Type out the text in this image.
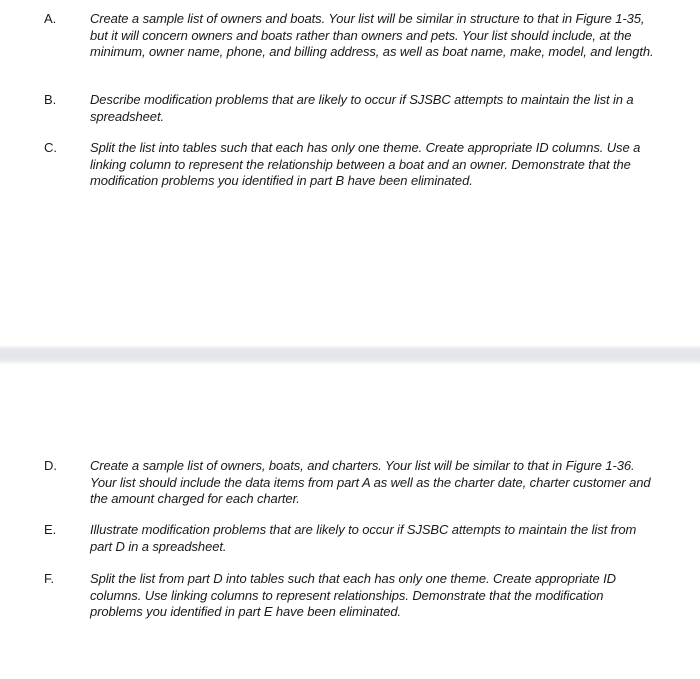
A.	Create a sample list of owners and boats. Your list will be similar in structure to that in Figure 1-35, but it will concern owners and boats rather than owners and pets. Your list should include, at the minimum, owner name, phone, and billing address, as well as boat name, make, model, and length.
B.	Describe modification problems that are likely to occur if SJSBC attempts to maintain the list in a spreadsheet.
C.	Split the list into tables such that each has only one theme. Create appropriate ID columns. Use a linking column to represent the relationship between a boat and an owner. Demonstrate that the modification problems you identified in part B have been eliminated.
D.	Create a sample list of owners, boats, and charters. Your list will be similar to that in Figure 1-36. Your list should include the data items from part A as well as the charter date, charter customer and the amount charged for each charter.
E.	Illustrate modification problems that are likely to occur if SJSBC attempts to maintain the list from part D in a spreadsheet.
F.	Split the list from part D into tables such that each has only one theme. Create appropriate ID columns. Use linking columns to represent relationships. Demonstrate that the modification problems you identified in part E have been eliminated.
